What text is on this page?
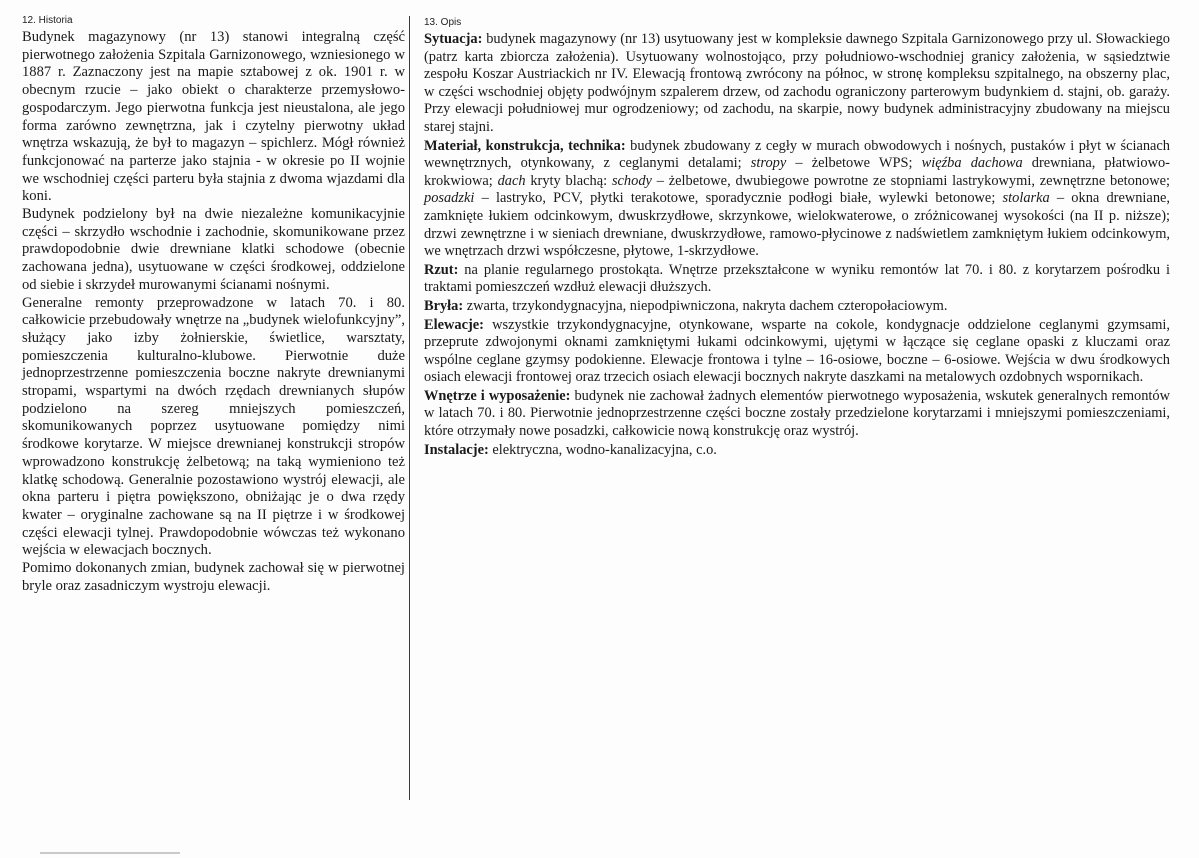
12. Historia

Budynek magazynowy (nr 13) stanowi integralną część pierwotnego założenia Szpitala Garnizonowego, wzniesionego w 1887 r. Zaznaczony jest na mapie sztabowej z ok. 1901 r. w obecnym rzucie – jako obiekt o charakterze przemysłowo-gospodarczym. Jego pierwotna funkcja jest nieustalona, ale jego forma zarówno zewnętrzna, jak i czytelny pierwotny układ wnętrza wskazują, że był to magazyn – spichlerz. Mógł również funkcjonować na parterze jako stajnia - w okresie po II wojnie we wschodniej części parteru była stajnia z dwoma wjazdami dla koni.

Budynek podzielony był na dwie niezależne komunikacyjnie części – skrzydło wschodnie i zachodnie, skomunikowane przez prawdopodobnie dwie drewniane klatki schodowe (obecnie zachowana jedna), usytuowane w części środkowej, oddzielone od siebie i skrzydeł murowanymi ścianami nośnymi.

Generalne remonty przeprowadzone w latach 70. i 80. całkowicie przebudowały wnętrze na „budynek wielofunkcyjny”, służący jako izby żołnierskie, świetlice, warsztaty, pomieszczenia kulturalno-klubowe. Pierwotnie duże jednoprzestrzenne pomieszczenia boczne nakryte drewnianymi stropami, wspartymi na dwóch rzędach drewnianych słupów podzielono na szereg mniejszych pomieszczeń, skomunikowanych poprzez usytuowane pomiędzy nimi środkowe korytarze. W miejsce drewnianej konstrukcji stropów wprowadzono konstrukcję żelbetową; na taką wymieniono też klatkę schodową. Generalnie pozostawiono wystrój elewacji, ale okna parteru i piętra powiększono, obniżając je o dwa rzędy kwater – oryginalne zachowane są na II piętrze i w środkowej części elewacji tylnej. Prawdopodobnie wówczas też wykonano wejścia w elewacjach bocznych.

Pomimo dokonanych zmian, budynek zachował się w pierwotnej bryle oraz zasadniczym wystroju elewacji.

13. Opis

Sytuacja: budynek magazynowy (nr 13) usytuowany jest w kompleksie dawnego Szpitala Garnizonowego przy ul. Słowackiego (patrz karta zbiorcza założenia). Usytuowany wolnostojąco, przy południowo-wschodniej granicy założenia, w sąsiedztwie zespołu Koszar Austriackich nr IV. Elewacją frontową zwrócony na północ, w stronę kompleksu szpitalnego, na obszerny plac, w części wschodniej objęty podwójnym szpalerem drzew, od zachodu ograniczony parterowym budynkiem d. stajni, ob. garaży. Przy elewacji południowej mur ogrodzeniowy; od zachodu, na skarpie, nowy budynek administracyjny zbudowany na miejscu starej stajni.

Materiał, konstrukcja, technika: budynek zbudowany z cegły w murach obwodowych i nośnych, pustaków i płyt w ścianach wewnętrznych, otynkowany, z ceglanymi detalami; stropy – żelbetowe WPS; więźba dachowa drewniana, płatwiowo-krokwiowa; dach kryty blachą: schody – żelbetowe, dwubiegowe powrotne ze stopniami lastrykowymi, zewnętrzne betonowe; posadzki – lastryko, PCV, płytki terakotowe, sporadycznie podłogi białe, wylewki betonowe; stolarka – okna drewniane, zamknięte łukiem odcinkowym, dwuskrzydłowe, skrzynkowe, wielokwaterowe, o zróżnicowanej wysokości (na II p. niższe); drzwi zewnętrzne i w sieniach drewniane, dwuskrzydłowe, ramowo-płycinowe z nadświetlem zamkniętym łukiem odcinkowym, we wnętrzach drzwi współczesne, płytowe, 1-skrzydłowe.

Rzut: na planie regularnego prostokąta. Wnętrze przekształcone w wyniku remontów lat 70. i 80. z korytarzem pośrodku i traktami pomieszczeń wzdłuż elewacji dłuższych.

Bryła: zwarta, trzykondygnacyjna, niepodpiwniczona, nakryta dachem czteropołaciowym.

Elewacje: wszystkie trzykondygnacyjne, otynkowane, wsparte na cokole, kondygnacje oddzielone ceglanymi gzymsami, przeprute zdwojonymi oknami zamkniętymi łukami odcinkowymi, ujętymi w łączące się ceglane opaski z kluczami oraz wspólne ceglane gzymsy podokienne. Elewacje frontowa i tylne – 16-osiowe, boczne – 6-osiowe. Wejścia w dwu środkowych osiach elewacji frontowej oraz trzecich osiach elewacji bocznych nakryte daszkami na metalowych ozdobnych wspornikach.

Wnętrze i wyposażenie: budynek nie zachował żadnych elementów pierwotnego wyposażenia, wskutek generalnych remontów w latach 70. i 80. Pierwotnie jednoprzestrzenne części boczne zostały przedzielone korytarzami i mniejszymi pomieszczeniami, które otrzymały nowe posadzki, całkowicie nową konstrukcję oraz wystrój.

Instalacje: elektryczna, wodno-kanalizacyjna, c.o.
